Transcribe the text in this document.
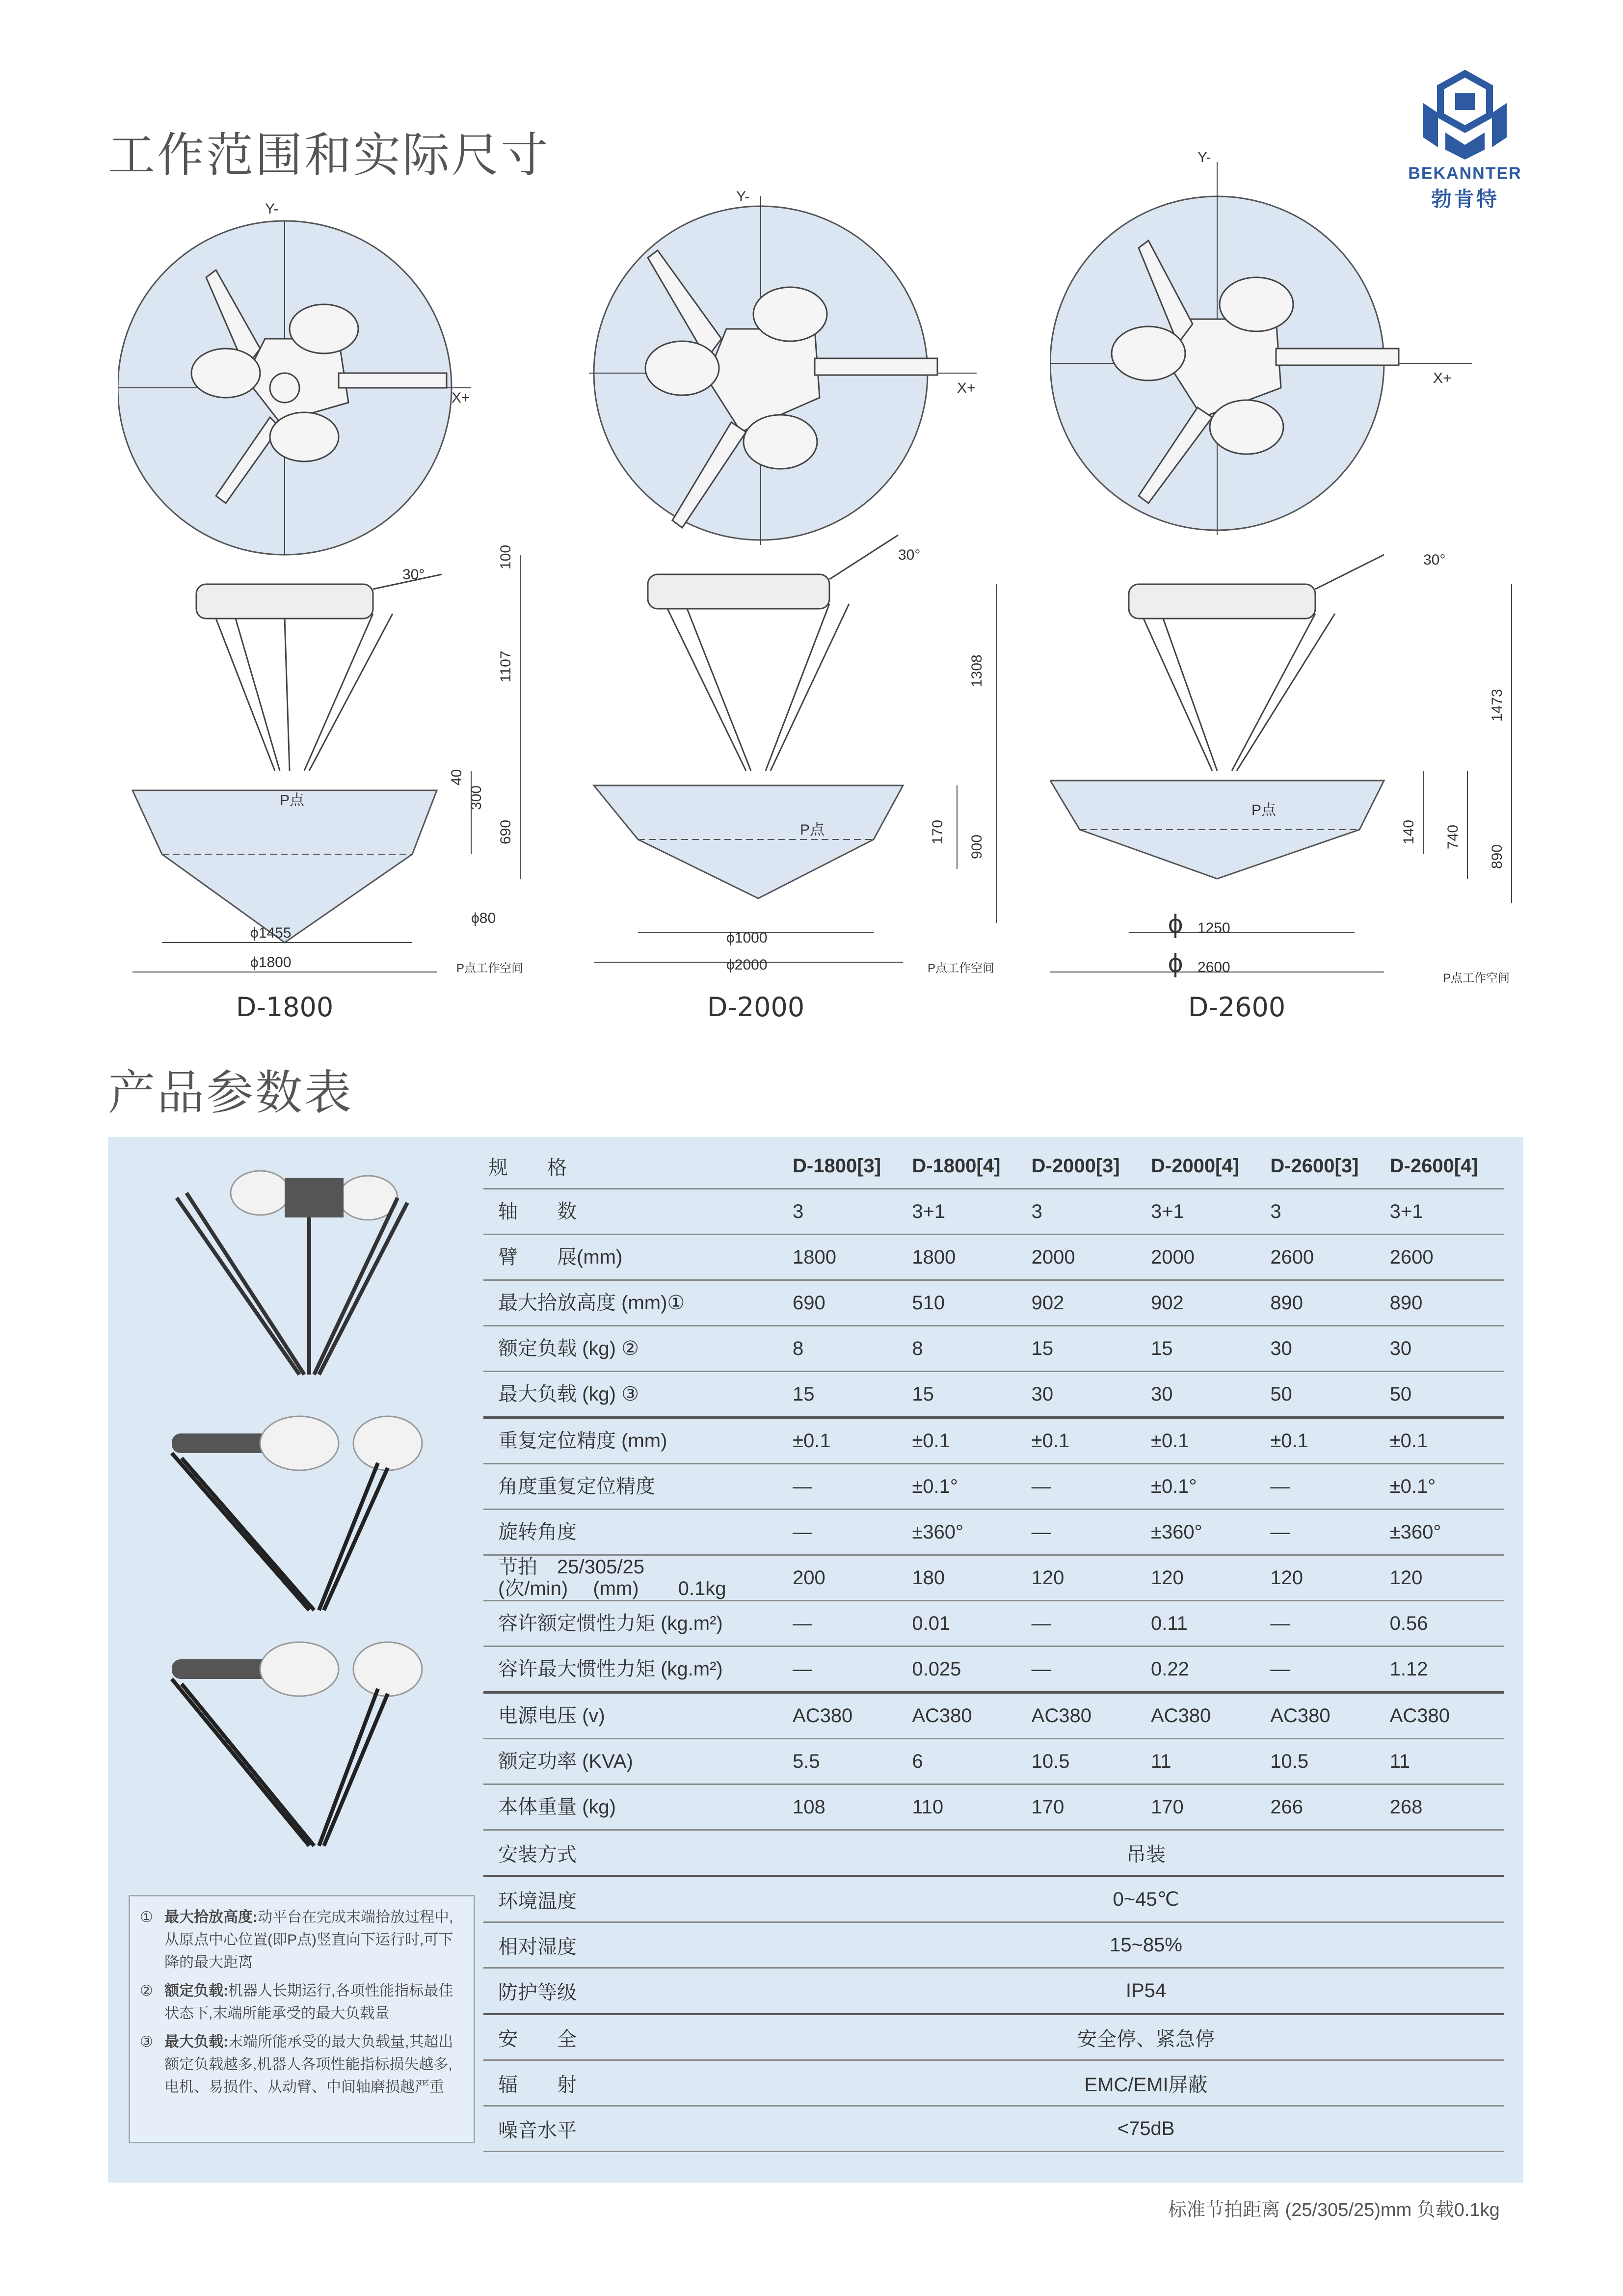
工作范围和实际尺寸	BEKANNTER
勃肯特
Y-
X+
P点
100
1107
40
300
690
30°
ϕ1455
ϕ1800
ϕ80
P点工作空间
D-1800
Y-
X+
P点
1308
170
900
30°
ϕ1000
ϕ2000	P点工作空间
D-2000
Y-
X+
P点
1473
140 740
890
30°
ϕ 1250
ϕ 2600
P点工作空间
D-2600
产品参数表
① 最大拾放高度:动平台在完成末端拾放过程中,从原点中心位置(即P点)竖直向下运行时,可下降的最大距离
② 额定负载:机器人长期运行,各项性能指标最佳状态下,末端所能承受的最大负载量
③ 最大负载:末端所能承受的最大负载量,其超出额定负载越多,机器人各项性能指标损失越多,电机、易损件、从动臂、中间轴磨损越严重
规　　格	D-1800[3]	D-1800[4]	D-2000[3]	D-2000[4]	D-2600[3]	D-2600[4]
轴　　数	3	3+1	3	3+1	3	3+1
臂　　展(mm)	1800	1800	2000	2000	2600	2600
最大拾放高度 (mm)①	690	510	902	902	890	890
额定负载 (kg) ②	8	8	15	15	30	30
最大负载 (kg) ③	15	15	30	30	50	50
重复定位精度 (mm)	±0.1	±0.1	±0.1	±0.1	±0.1	±0.1
角度重复定位精度	—	±0.1°	—	±0.1°	—	±0.1°
旋转角度	—	±360°	—	±360°	—	±360°
节拍　25/305/25
(次/min)　 (mm)　　0.1kg	200	180	120	120	120	120
容许额定惯性力矩 (kg.m²)	—	0.01	—	0.11	—	0.56
容许最大惯性力矩 (kg.m²)	—	0.025	—	0.22	—	1.12
电源电压 (v)	AC380	AC380	AC380	AC380	AC380	AC380
额定功率 (KVA)	5.5	6	10.5	11	10.5	11
本体重量 (kg)	108	110	170	170	266	268
安装方式	吊装					
环境温度	0~45℃					
相对湿度	15~85%					
防护等级	IP54					
安　　全	安全停、紧急停					
辐　　射	EMC/EMI屏蔽					
噪音水平	<75dB					
标准节拍距离 (25/305/25)mm 负载0.1kg
